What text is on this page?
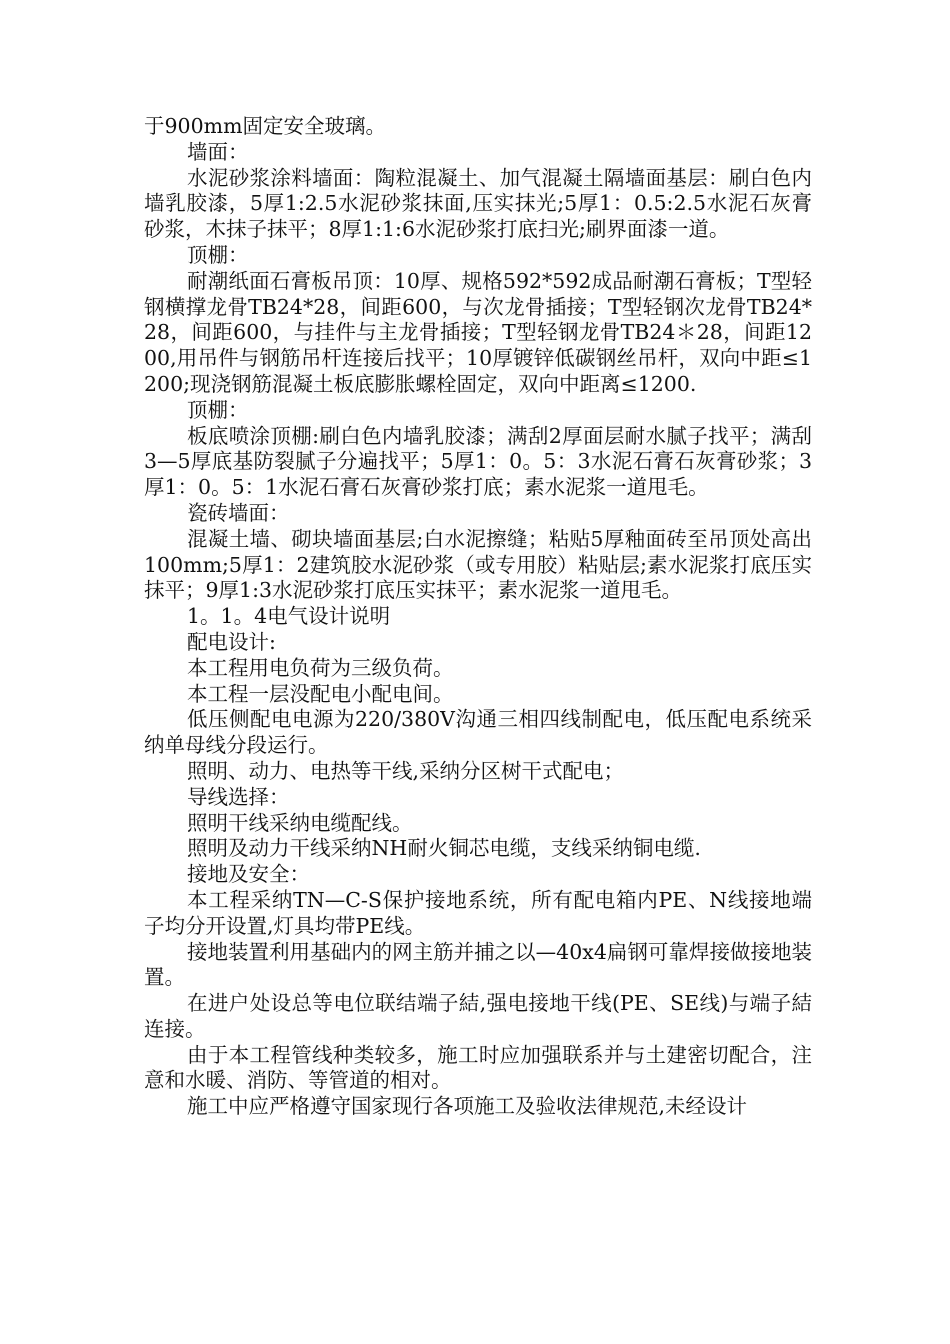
于900mm固定安全玻璃。

墙面：

水泥砂浆涂料墙面：陶粒混凝土、加气混凝土隔墙面基层：刷白色内墙乳胶漆，5厚1:2.5水泥砂浆抹面,压实抹光;5厚1：0.5:2.5水泥石灰膏砂浆，木抹子抹平；8厚1:1:6水泥砂浆打底扫光;刷界面漆一道。

顶棚：

耐潮纸面石膏板吊顶：10厚、规格592*592成品耐潮石膏板；T型轻钢横撑龙骨TB24*28，间距600，与次龙骨插接；T型轻钢次龙骨TB24*28，间距600，与挂件与主龙骨插接；T型轻钢龙骨TB24＊28，间距1200,用吊件与钢筋吊杆连接后找平；10厚镀锌低碳钢丝吊杆，双向中距≤1200;现浇钢筋混凝土板底膨胀螺栓固定，双向中距离≤1200.

顶棚：

板底喷涂顶棚:刷白色内墙乳胶漆；满刮2厚面层耐水腻子找平；满刮3—5厚底基防裂腻子分遍找平；5厚1：0。5：3水泥石膏石灰膏砂浆；3厚1：0。5：1水泥石膏石灰膏砂浆打底；素水泥浆一道甩毛。

瓷砖墙面：

混凝土墙、砌块墙面基层;白水泥擦缝；粘贴5厚釉面砖至吊顶处高出100mm;5厚1：2建筑胶水泥砂浆（或专用胶）粘贴层;素水泥浆打底压实抹平；9厚1:3水泥砂浆打底压实抹平；素水泥浆一道甩毛。

1。1。4电气设计说明

配电设计:

本工程用电负荷为三级负荷。

本工程一层没配电小配电间。

低压侧配电电源为220/380V沟通三相四线制配电，低压配电系统采纳单母线分段运行。

照明、动力、电热等干线,采纳分区树干式配电；

导线选择：

照明干线采纳电缆配线。

照明及动力干线采纳NH耐火铜芯电缆，支线采纳铜电缆.

接地及安全：

本工程采纳TN—C-S保护接地系统，所有配电箱内PE、N线接地端子均分开设置,灯具均带PE线。

接地装置利用基础内的网主筋并捕之以—40x4扁钢可靠焊接做接地装置。

在进户处设总等电位联结端子結,强电接地干线(PE、SE线)与端子結连接。

由于本工程管线种类较多，施工时应加强联系并与土建密切配合，注意和水暖、消防、等管道的相对。

施工中应严格遵守国家现行各项施工及验收法律规范,未经设计
